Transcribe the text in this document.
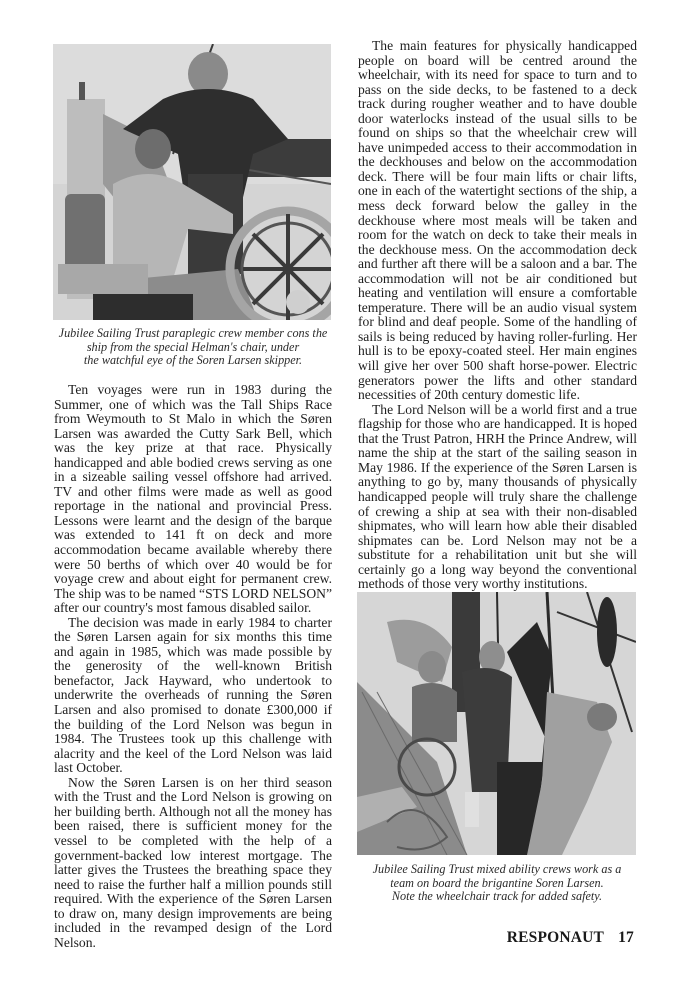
Jubilee Sailing Trust paraplegic crew member cons the
ship from the special Helman's chair, under
the watchful eye of the Soren Larsen skipper.

Ten voyages were run in 1983 during the Summer, one of which was the Tall Ships Race from Weymouth to St Malo in which the Søren Larsen was awarded the Cutty Sark Bell, which was the key prize at that race. Physically handicapped and able bodied crews serving as one in a sizeable sailing vessel offshore had arrived. TV and other films were made as well as good reportage in the national and provincial Press. Lessons were learnt and the design of the barque was extended to 141 ft on deck and more accommodation became available whereby there were 50 berths of which over 40 would be for voyage crew and about eight for permanent crew. The ship was to be named “STS LORD NELSON” after our country's most famous disabled sailor.

The decision was made in early 1984 to charter the Søren Larsen again for six months this time and again in 1985, which was made possible by the generosity of the well-known British benefactor, Jack Hayward, who undertook to underwrite the overheads of running the Søren Larsen and also promised to donate £300,000 if the building of the Lord Nelson was begun in 1984. The Trustees took up this challenge with alacrity and the keel of the Lord Nelson was laid last October.

Now the Søren Larsen is on her third season with the Trust and the Lord Nelson is growing on her building berth. Although not all the money has been raised, there is sufficient money for the vessel to be completed with the help of a government-backed low interest mortgage. The latter gives the Trustees the breathing space they need to raise the further half a million pounds still required. With the experience of the Søren Larsen to draw on, many design improvements are being included in the revamped design of the Lord Nelson.

The main features for physically handicapped people on board will be centred around the wheelchair, with its need for space to turn and to pass on the side decks, to be fastened to a deck track during rougher weather and to have double door waterlocks instead of the usual sills to be found on ships so that the wheelchair crew will have unimpeded access to their accommodation in the deckhouses and below on the accommodation deck. There will be four main lifts or chair lifts, one in each of the watertight sections of the ship, a mess deck forward below the galley in the deckhouse where most meals will be taken and room for the watch on deck to take their meals in the deckhouse mess. On the accommodation deck and further aft there will be a saloon and a bar. The accommodation will not be air conditioned but heating and ventilation will ensure a comfortable temperature. There will be an audio visual system for blind and deaf people. Some of the handling of sails is being reduced by having roller-furling. Her hull is to be epoxy-coated steel. Her main engines will give her over 500 shaft horse-power. Electric generators power the lifts and other standard necessities of 20th century domestic life.

The Lord Nelson will be a world first and a true flagship for those who are handicapped. It is hoped that the Trust Patron, HRH the Prince Andrew, will name the ship at the start of the sailing season in May 1986. If the experience of the Søren Larsen is anything to go by, many thousands of physically handicapped people will truly share the challenge of crewing a ship at sea with their non-disabled shipmates, who will learn how able their disabled shipmates can be. Lord Nelson may not be a substitute for a rehabilitation unit but she will certainly go a long way beyond the conventional methods of those very worthy institutions.

Jubilee Sailing Trust mixed ability crews work as a
team on board the brigantine Soren Larsen.
Note the wheelchair track for added safety.
RESPONAUT 17
